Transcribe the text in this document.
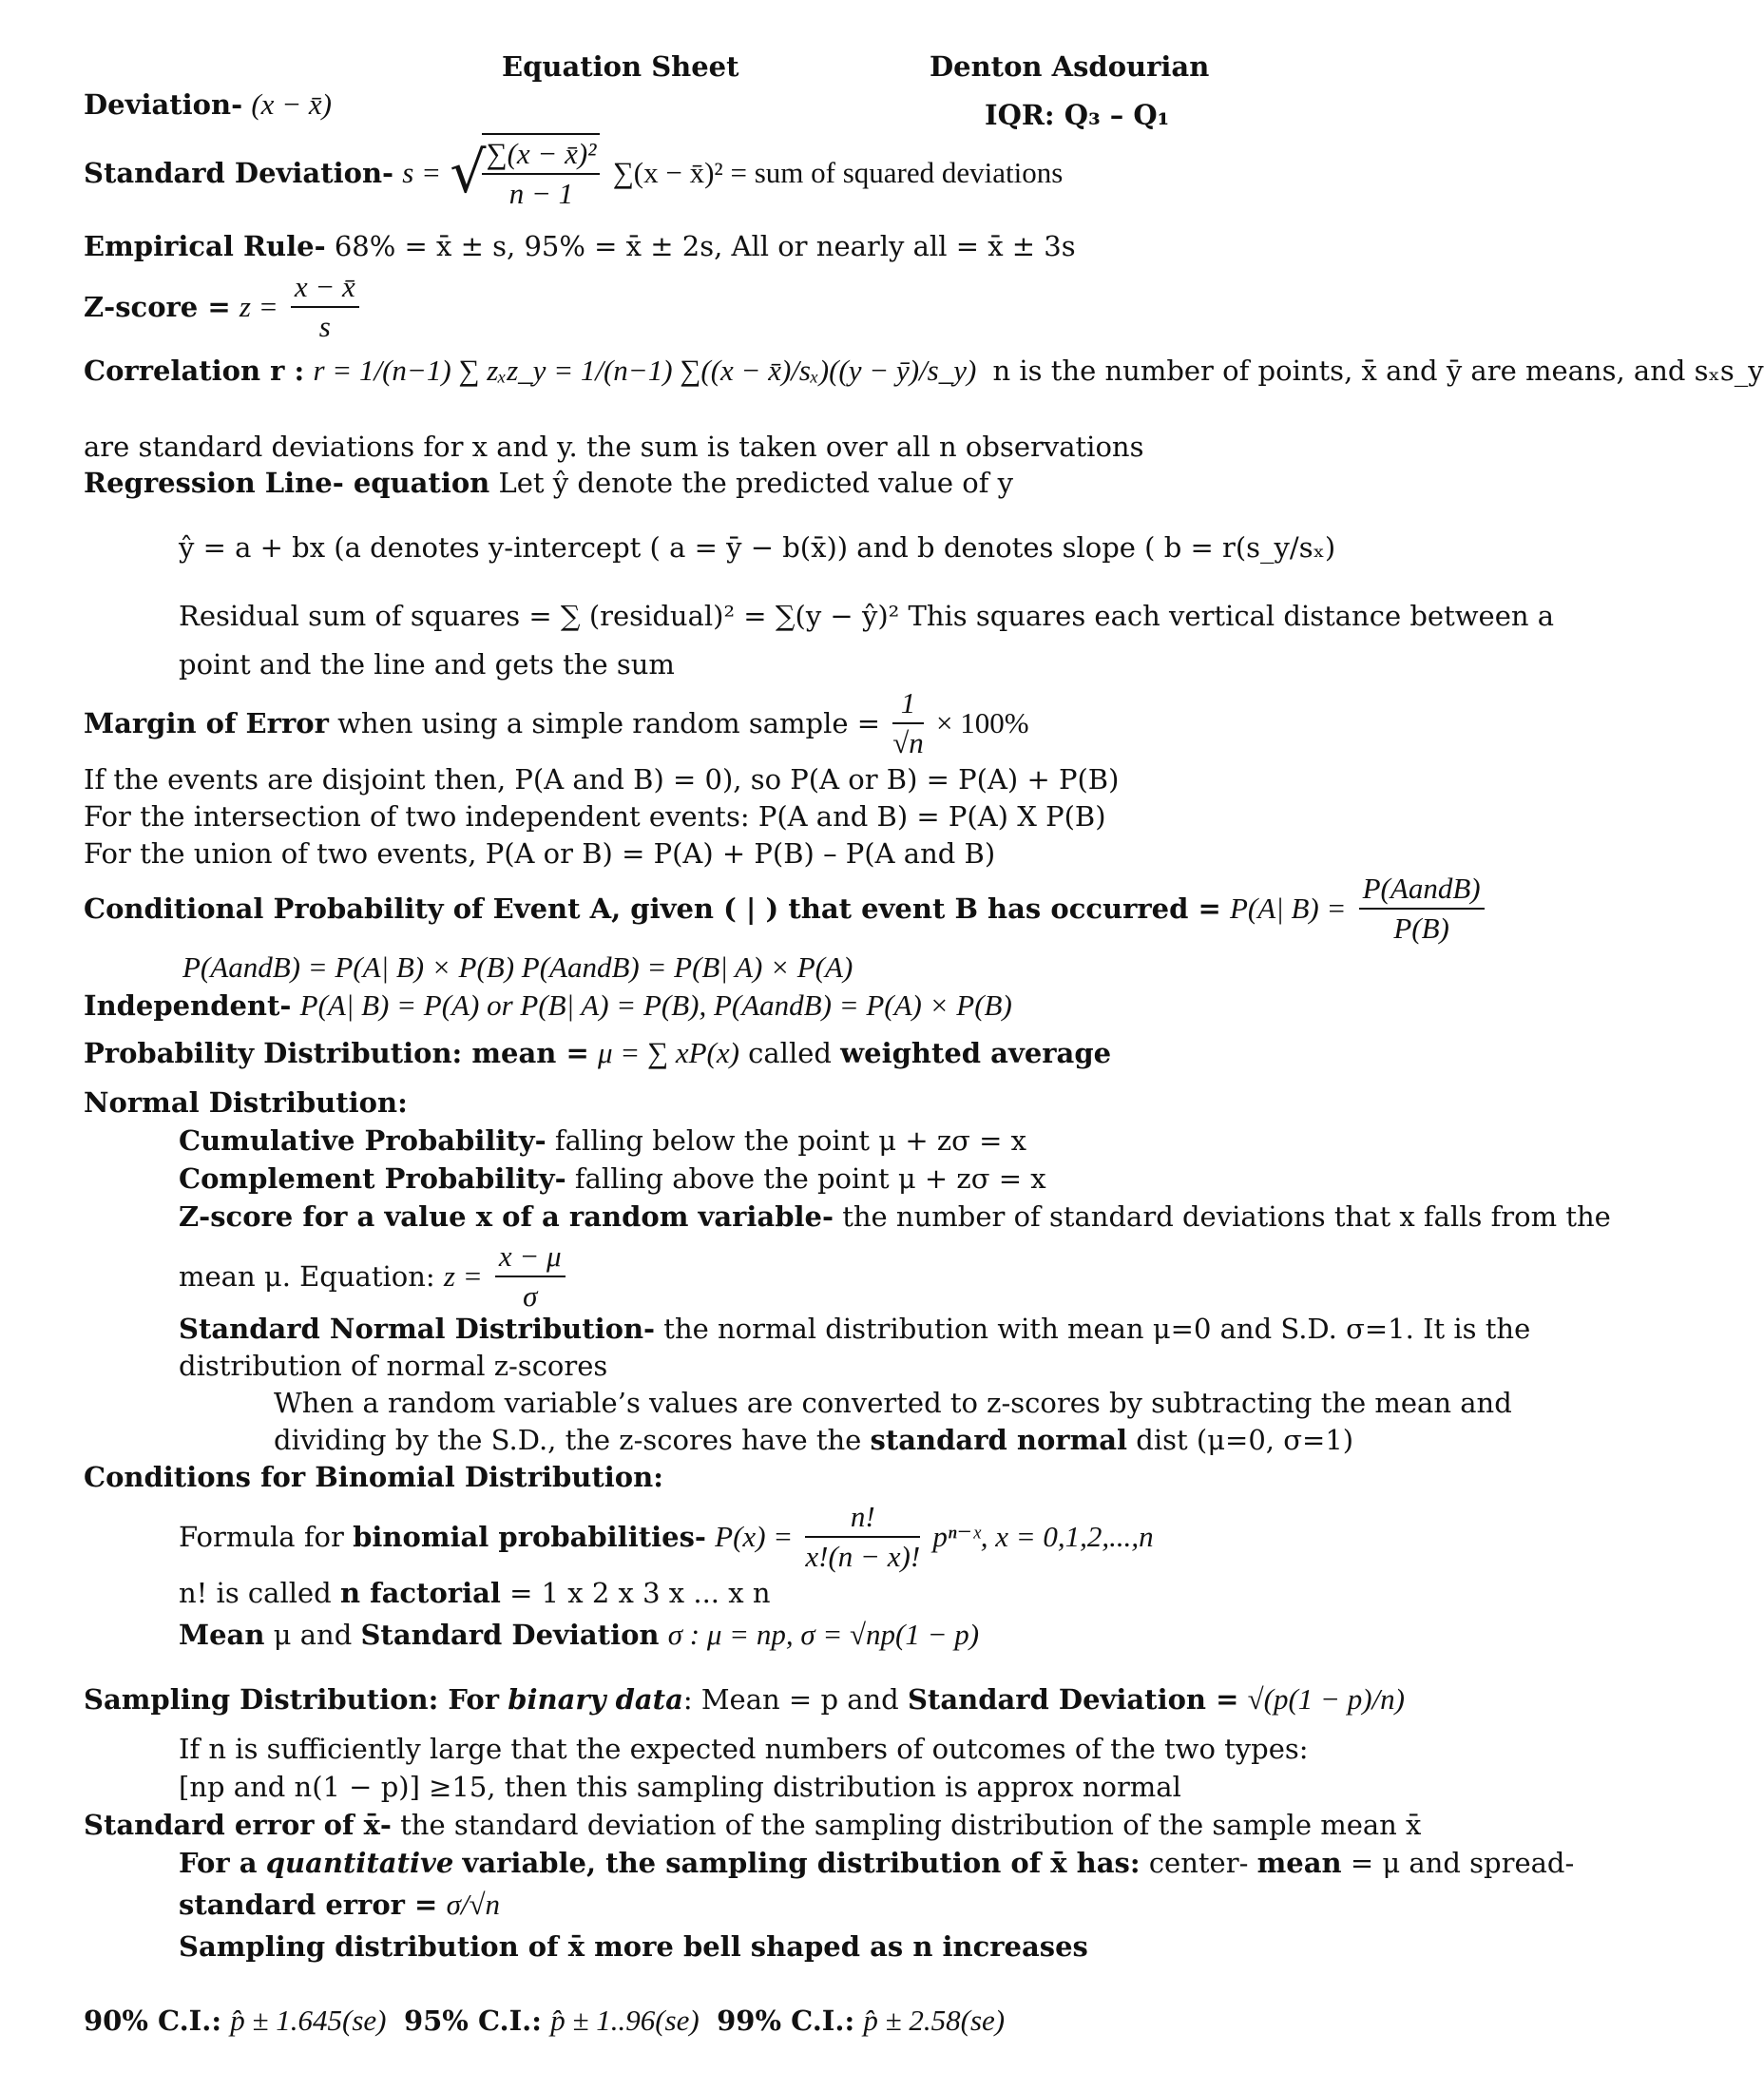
Equation Sheet	Denton Asdourian
IQR: Q₃ – Q₁
Deviation- (x − x̄)
Standard Deviation- s = √
$\frac{\text{∑(x − x̄)²}}{n - 1} \sum(x$ − x̄)² = sum of squared deviations
Empirical Rule- 68% = x̄ ± s, 95% = x̄ ± 2s, All or nearly all = x̄ ± 3s
Z-score = $z = \frac{x - x̄}{s}$
Correlation r : r = 1/(n−1) ∑ zₓz_y = 1/(n−1) ∑((x − x̄)/sₓ)((y − ȳ)/s_y) n is the number of points, x̄ and ȳ are means, and sₓs_y
are standard deviations for x and y. the sum is taken over all n observations
Regression Line- equation Let ŷ denote the predicted value of y
ŷ = a + bx (a denotes y-intercept ( a = ȳ − b(x̄)) and b denotes slope ( b = r(s_y/sₓ)
Residual sum of squares = ∑ (residual)² = ∑(y − ŷ)² This squares each vertical distance between a
point and the line and gets the sum
Margin of Error when using a simple random sample = $\frac{1}{√n} \times 100\%$
If the events are disjoint then, P(A and B) = 0), so P(A or B) = P(A) + P(B)
For the intersection of two independent events: P(A and B) = P(A) X P(B)
For the union of two events, P(A or B) = P(A) + P(B) – P(A and B)
Conditional Probability of Event A, given ( | ) that event B has occurred = P(A| $B) = \frac{\text{P(AandB)}}{P(B)}$
P(AandB) = P(A| B) × P(B) P(AandB) = P(B| A) × P(A)
Independent- P(A| B) = P(A) or P(B| A) = P(B), P(AandB) = P(A) × P(B)
Probability Distribution: mean = μ = ∑ xP(x) called weighted average
Normal Distribution:
Cumulative Probability- falling below the point μ + zσ = x
Complement Probability- falling above the point μ + zσ = x
Z-score for a value x of a random variable- the number of standard deviations that x falls from the
mean μ. Equation: $z = \frac{x - \mu}{\sigma}$
Standard Normal Distribution- the normal distribution with mean μ=0 and S.D. σ=1. It is the
distribution of normal z-scores
When a random variable’s values are converted to z-scores by subtracting the mean and
dividing by the S.D., the z-scores have the standard normal dist (μ=0, σ=1)
Conditions for Binomial Distribution:
Formula for binomial probabilities- $P(x) = \frac{n!}{x!(n - x)!}$ pⁿ⁻ˣ, x = 0,1,2,...,n
n! is called n factorial = 1 x 2 x 3 x ... x n
Mean μ and Standard Deviation σ : μ = np, σ = √np(1 − p)
Sampling Distribution: For binary data: Mean = p and Standard Deviation = √(p(1 − p)/n)
If n is sufficiently large that the expected numbers of outcomes of the two types:
[np and n(1 − p)] ≥15, then this sampling distribution is approx normal
Standard error of x̄- the standard deviation of the sampling distribution of the sample mean x̄
For a quantitative variable, the sampling distribution of x̄ has: center- mean = μ and spread-
standard error = σ/√n
Sampling distribution of x̄ more bell shaped as n increases
90% C.I.: p̂ ± 1.645(se) 95% C.I.: p̂ ± 1..96(se) 99% C.I.: p̂ ± 2.58(se)
